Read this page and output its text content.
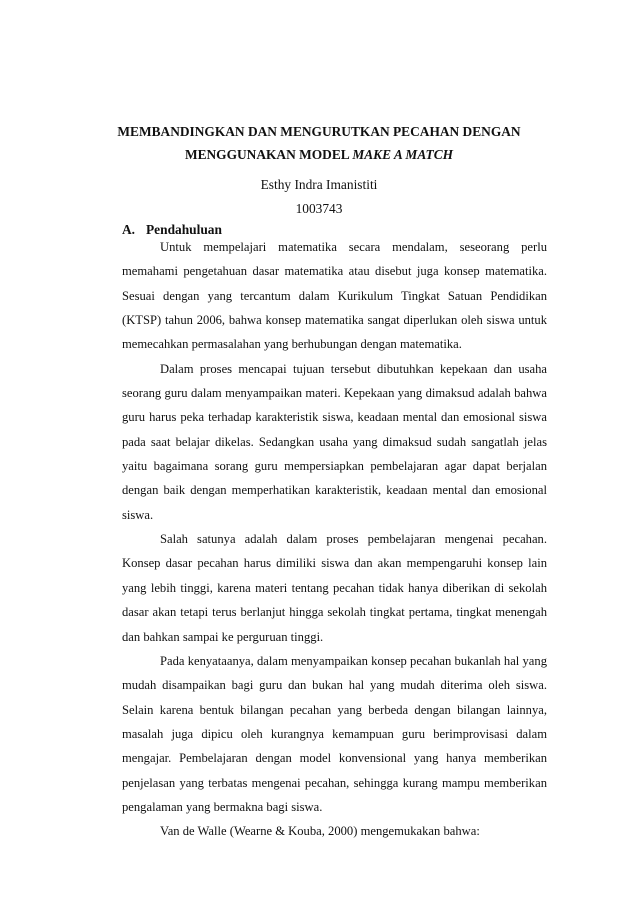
MEMBANDINGKAN DAN MENGURUTKAN PECAHAN DENGAN
MENGGUNAKAN MODEL MAKE A MATCH
Esthy Indra Imanistiti
1003743
A. Pendahuluan

Untuk mempelajari matematika secara mendalam, seseorang perlu memahami pengetahuan dasar matematika atau disebut juga konsep matematika. Sesuai dengan yang tercantum dalam Kurikulum Tingkat Satuan Pendidikan (KTSP) tahun 2006, bahwa konsep matematika sangat diperlukan oleh siswa untuk memecahkan permasalahan yang berhubungan dengan matematika.

Dalam proses mencapai tujuan tersebut dibutuhkan kepekaan dan usaha seorang guru dalam menyampaikan materi. Kepekaan yang dimaksud adalah bahwa guru harus peka terhadap karakteristik siswa, keadaan mental dan emosional siswa pada saat belajar dikelas. Sedangkan usaha yang dimaksud sudah sangatlah jelas yaitu bagaimana sorang guru mempersiapkan pembelajaran agar dapat berjalan dengan baik dengan memperhatikan karakteristik, keadaan mental dan emosional siswa.

Salah satunya adalah dalam proses pembelajaran mengenai pecahan. Konsep dasar pecahan harus dimiliki siswa dan akan mempengaruhi konsep lain yang lebih tinggi, karena materi tentang pecahan tidak hanya diberikan di sekolah dasar akan tetapi terus berlanjut hingga sekolah tingkat pertama, tingkat menengah dan bahkan sampai ke perguruan tinggi.

Pada kenyataanya, dalam menyampaikan konsep pecahan bukanlah hal yang mudah disampaikan bagi guru dan bukan hal yang mudah diterima oleh siswa. Selain karena bentuk bilangan pecahan yang berbeda dengan bilangan lainnya, masalah juga dipicu oleh kurangnya kemampuan guru berimprovisasi dalam mengajar. Pembelajaran dengan model konvensional yang hanya memberikan penjelasan yang terbatas mengenai pecahan, sehingga kurang mampu memberikan pengalaman yang bermakna bagi siswa.

Van de Walle (Wearne & Kouba, 2000) mengemukakan bahwa:
